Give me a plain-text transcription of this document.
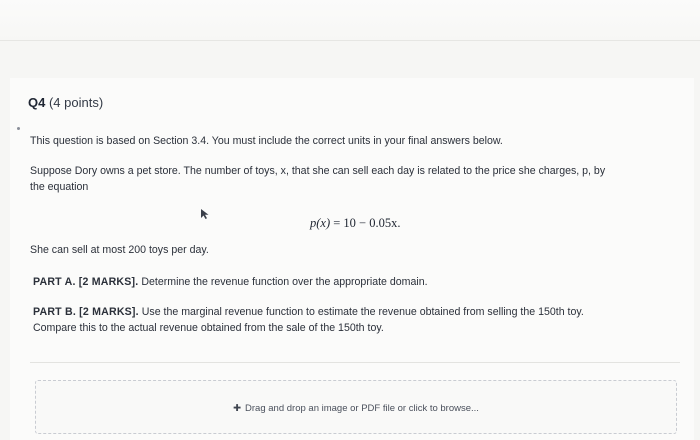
Q4 (4 points)
This question is based on Section 3.4. You must include the correct units in your final answers below.
Suppose Dory owns a pet store. The number of toys, x, that she can sell each day is related to the price she charges, p, by
the equation
p(x) = 10 − 0.05x.
She can sell at most 200 toys per day.
PART A. [2 MARKS]. Determine the revenue function over the appropriate domain.
PART B. [2 MARKS]. Use the marginal revenue function to estimate the revenue obtained from selling the 150th toy.
Compare this to the actual revenue obtained from the sale of the 150th toy.
✚ Drag and drop an image or PDF file or click to browse...
